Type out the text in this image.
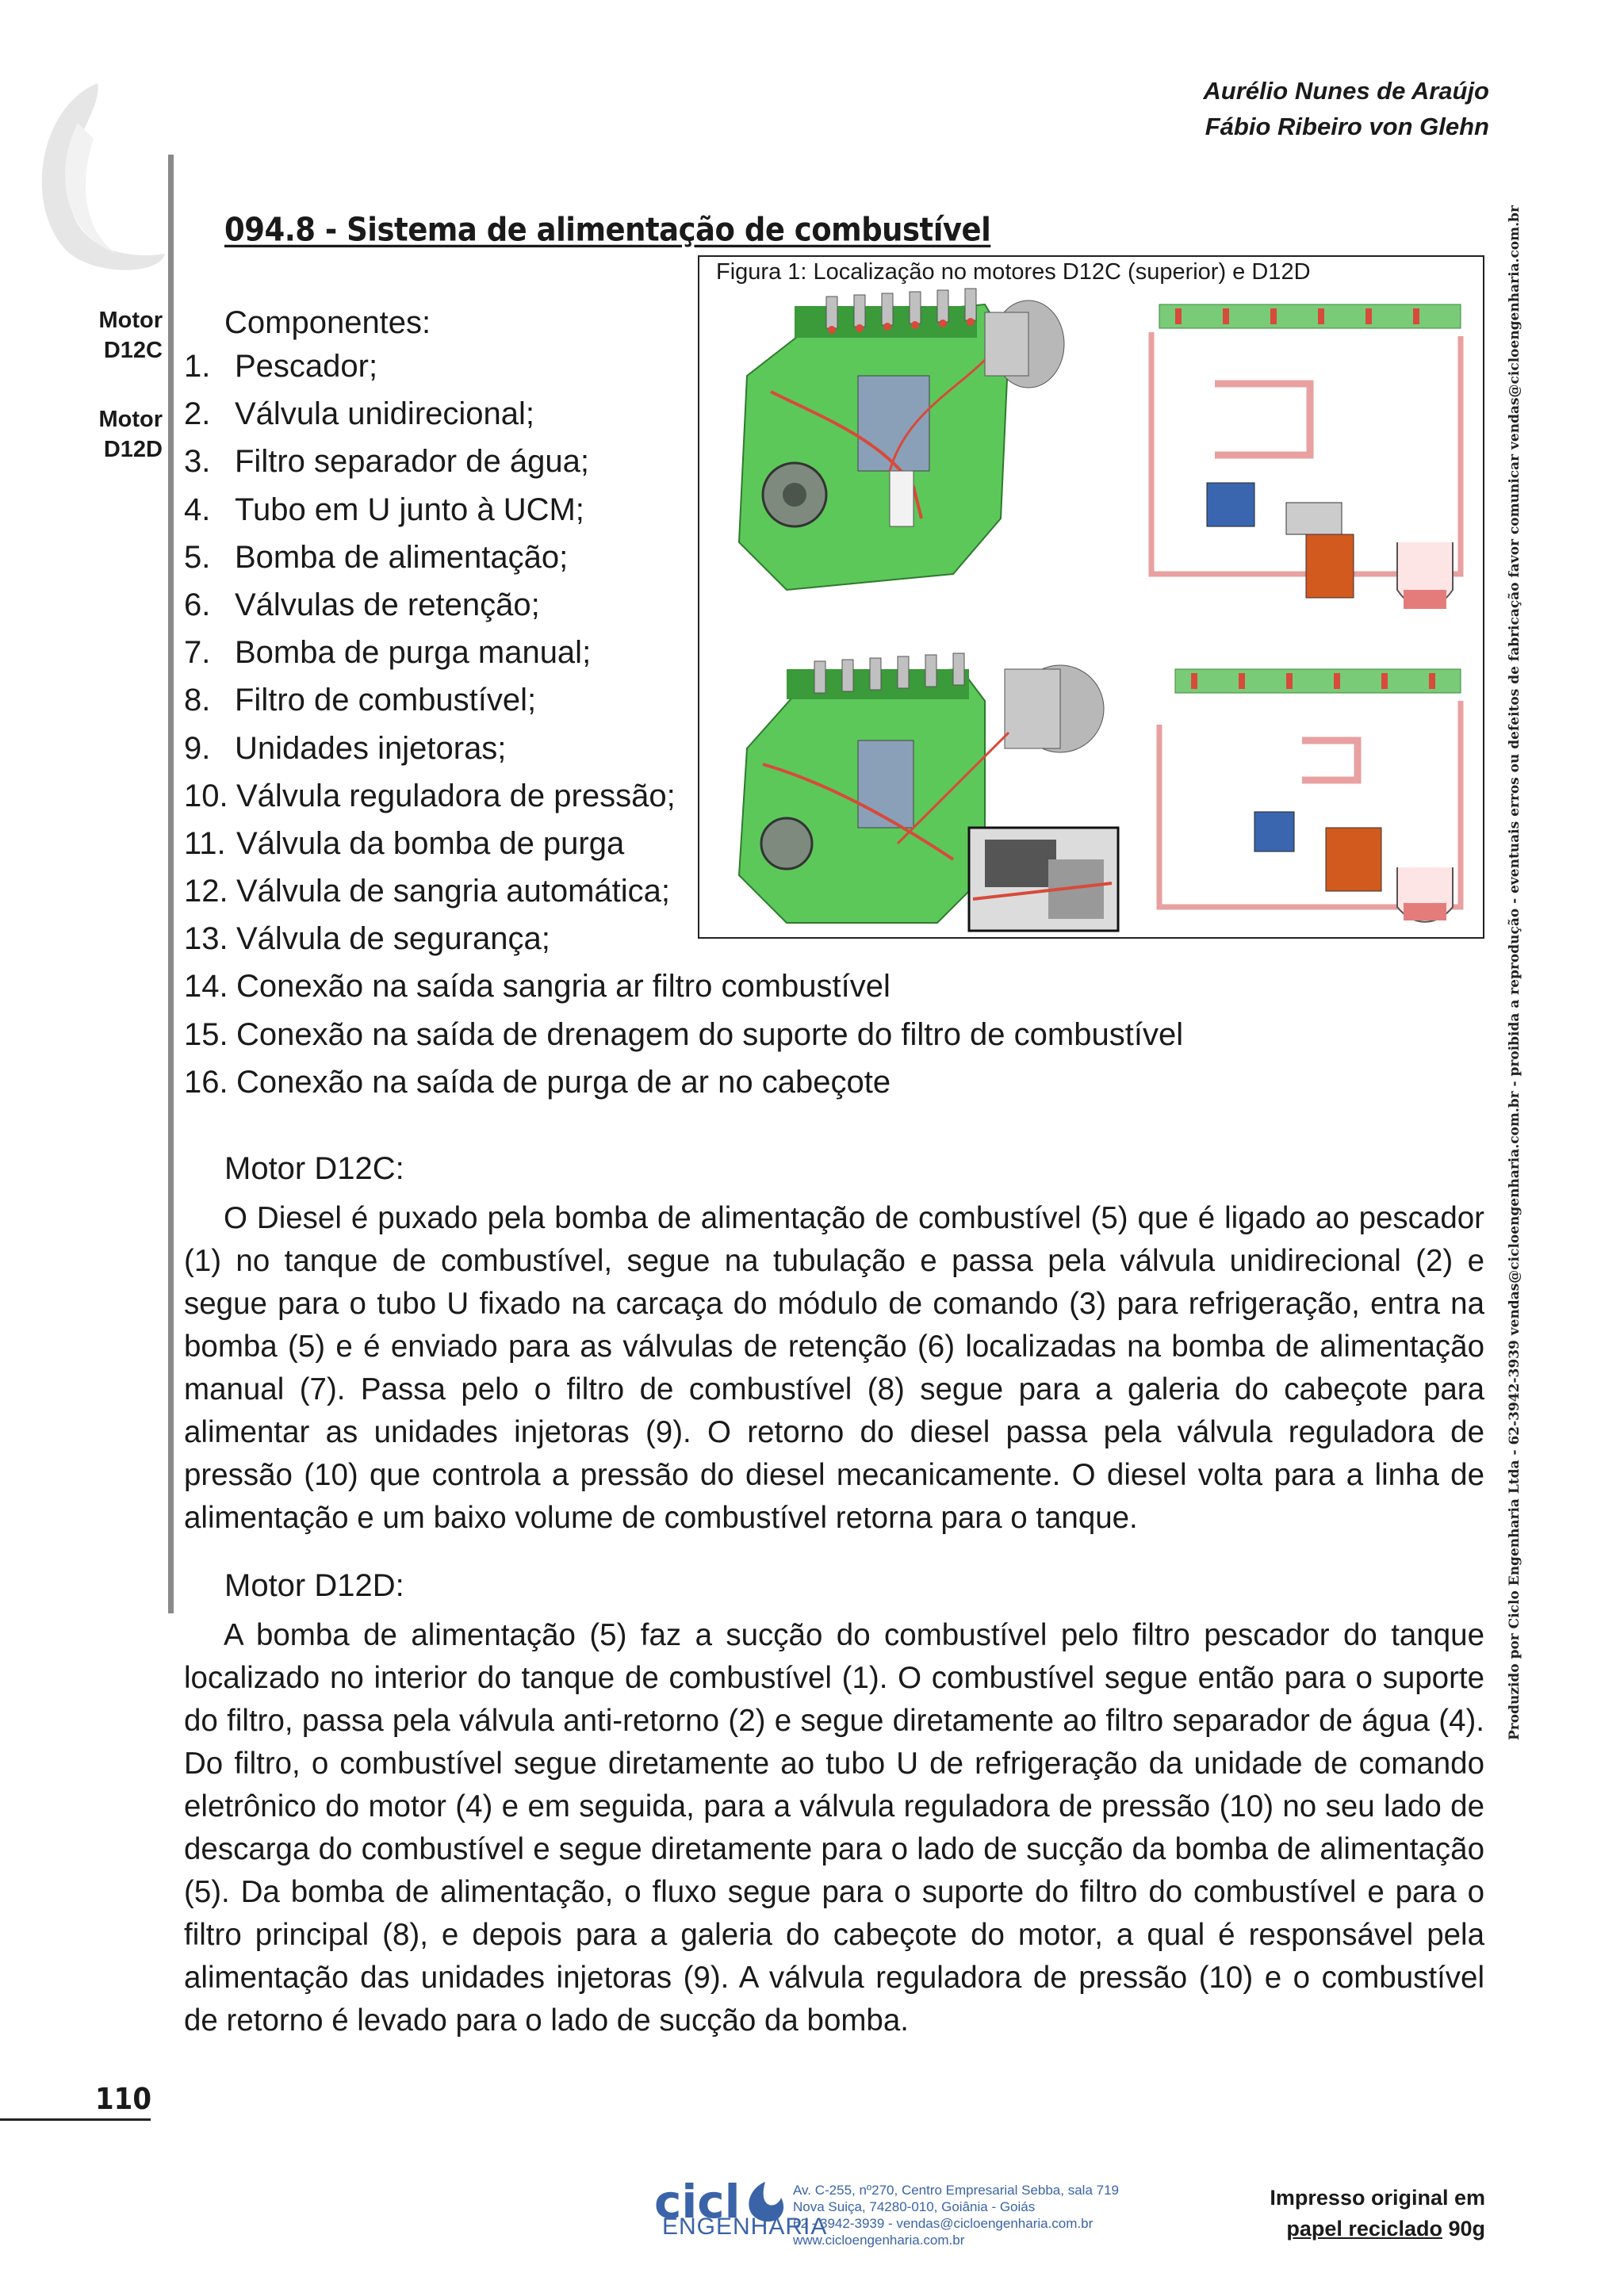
Aurélio Nunes de Araújo
Fábio Ribeiro von Glehn
Motor
D12C
Motor
D12D
094.8 - Sistema de alimentação de combustível
Figura 1: Localização no motores D12C (superior) e D12D
Componentes:
1. Pescador;
2. Válvula unidirecional;
3. Filtro separador de água;
4. Tubo em U junto à UCM;
5. Bomba de alimentação;
6. Válvulas de retenção;
7. Bomba de purga manual;
8. Filtro de combustível;
9. Unidades injetoras;
10. Válvula reguladora de pressão;
11. Válvula da bomba de purga
12. Válvula de sangria automática;
13. Válvula de segurança;
14. Conexão na saída sangria ar filtro combustível
15. Conexão na saída de drenagem do suporte do filtro de combustível
16. Conexão na saída de purga de ar no cabeçote
Motor D12C:

O Diesel é puxado pela bomba de alimentação de combustível (5) que é ligado ao pescador (1) no tanque de combustível, segue na tubulação e passa pela válvula unidirecional (2) e segue para o tubo U fixado na carcaça do módulo de comando (3) para refrigeração, entra na bomba (5) e é enviado para as válvulas de retenção (6) localizadas na bomba de alimentação manual (7). Passa pelo o filtro de combustível (8) segue para a galeria do cabeçote para alimentar as unidades injetoras (9). O retorno do diesel passa pela válvula reguladora de pressão (10) que controla a pressão do diesel mecanicamente. O diesel volta para a linha de alimentação e um baixo volume de combustível retorna para o tanque.

Motor D12D:

A bomba de alimentação (5) faz a sucção do combustível pelo filtro pescador do tanque localizado no interior do tanque de combustível (1). O combustível segue então para o suporte do filtro, passa pela válvula anti-retorno (2) e segue diretamente ao filtro separador de água (4). Do filtro, o combustível segue diretamente ao tubo U de refrigeração da unidade de comando eletrônico do motor (4) e em seguida, para a válvula reguladora de pressão (10) no seu lado de descarga do combustível e segue diretamente para o lado de sucção da bomba de alimentação (5). Da bomba de alimentação, o fluxo segue para o suporte do filtro do combustível e para o filtro principal (8), e depois para a galeria do cabeçote do motor, a qual é responsável pela alimentação das unidades injetoras (9). A válvula reguladora de pressão (10) e o combustível de retorno é levado para o lado de sucção da bomba.

Produzido por Ciclo Engenharia Ltda - 62-3942-3939 vendas@cicloengenharia.com.br - proibida a reprodução - eventuais erros ou defeitos de fabricação favor comunicar vendas@cicloengenharia.com.br
110
cicl
ENGENHARIA
Av. C-255, nº270, Centro Empresarial Sebba, sala 719
Nova Suiça, 74280-010, Goiânia - Goiás
62 - 3942-3939 - vendas@cicloengenharia.com.br
www.cicloengenharia.com.br
Impresso original em
papel reciclado 90g
